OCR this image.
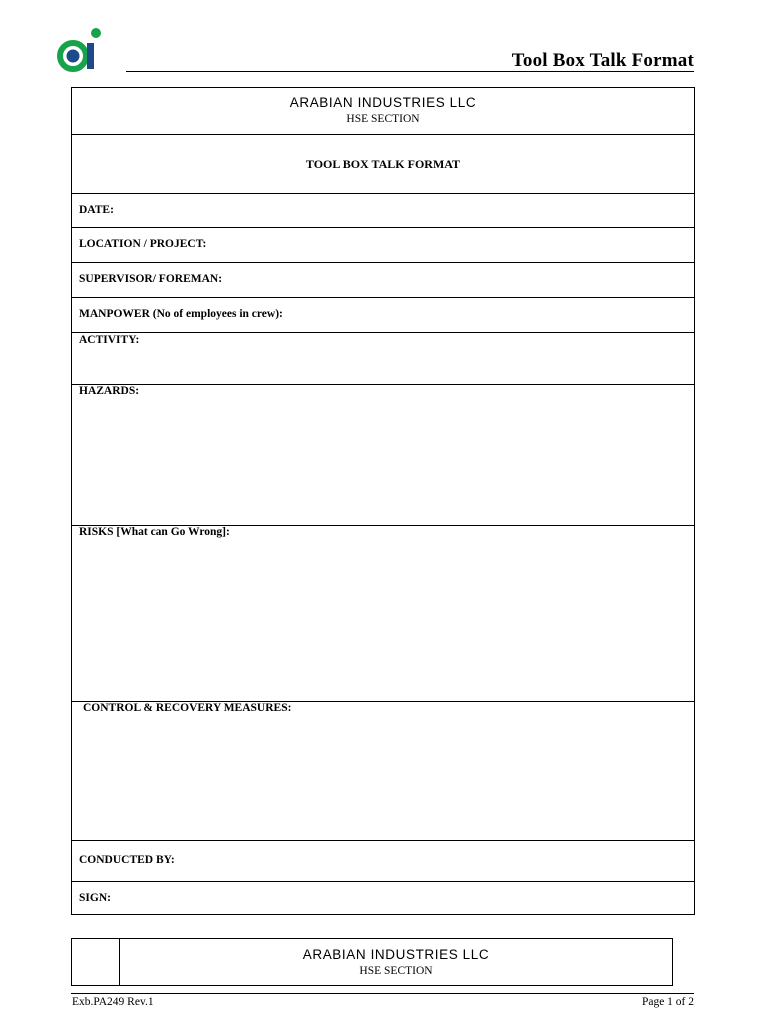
Tool Box Talk Format
ARABIAN INDUSTRIES LLC
HSE SECTION
TOOL BOX TALK FORMAT
DATE:
LOCATION / PROJECT:
SUPERVISOR/ FOREMAN:
MANPOWER (No of employees in crew):
ACTIVITY:
HAZARDS:
RISKS [What can Go Wrong]:
CONTROL & RECOVERY MEASURES:
CONDUCTED BY:
SIGN:
ARABIAN INDUSTRIES LLC
HSE SECTION
Exb.PA249 Rev.1	Page 1 of 2
